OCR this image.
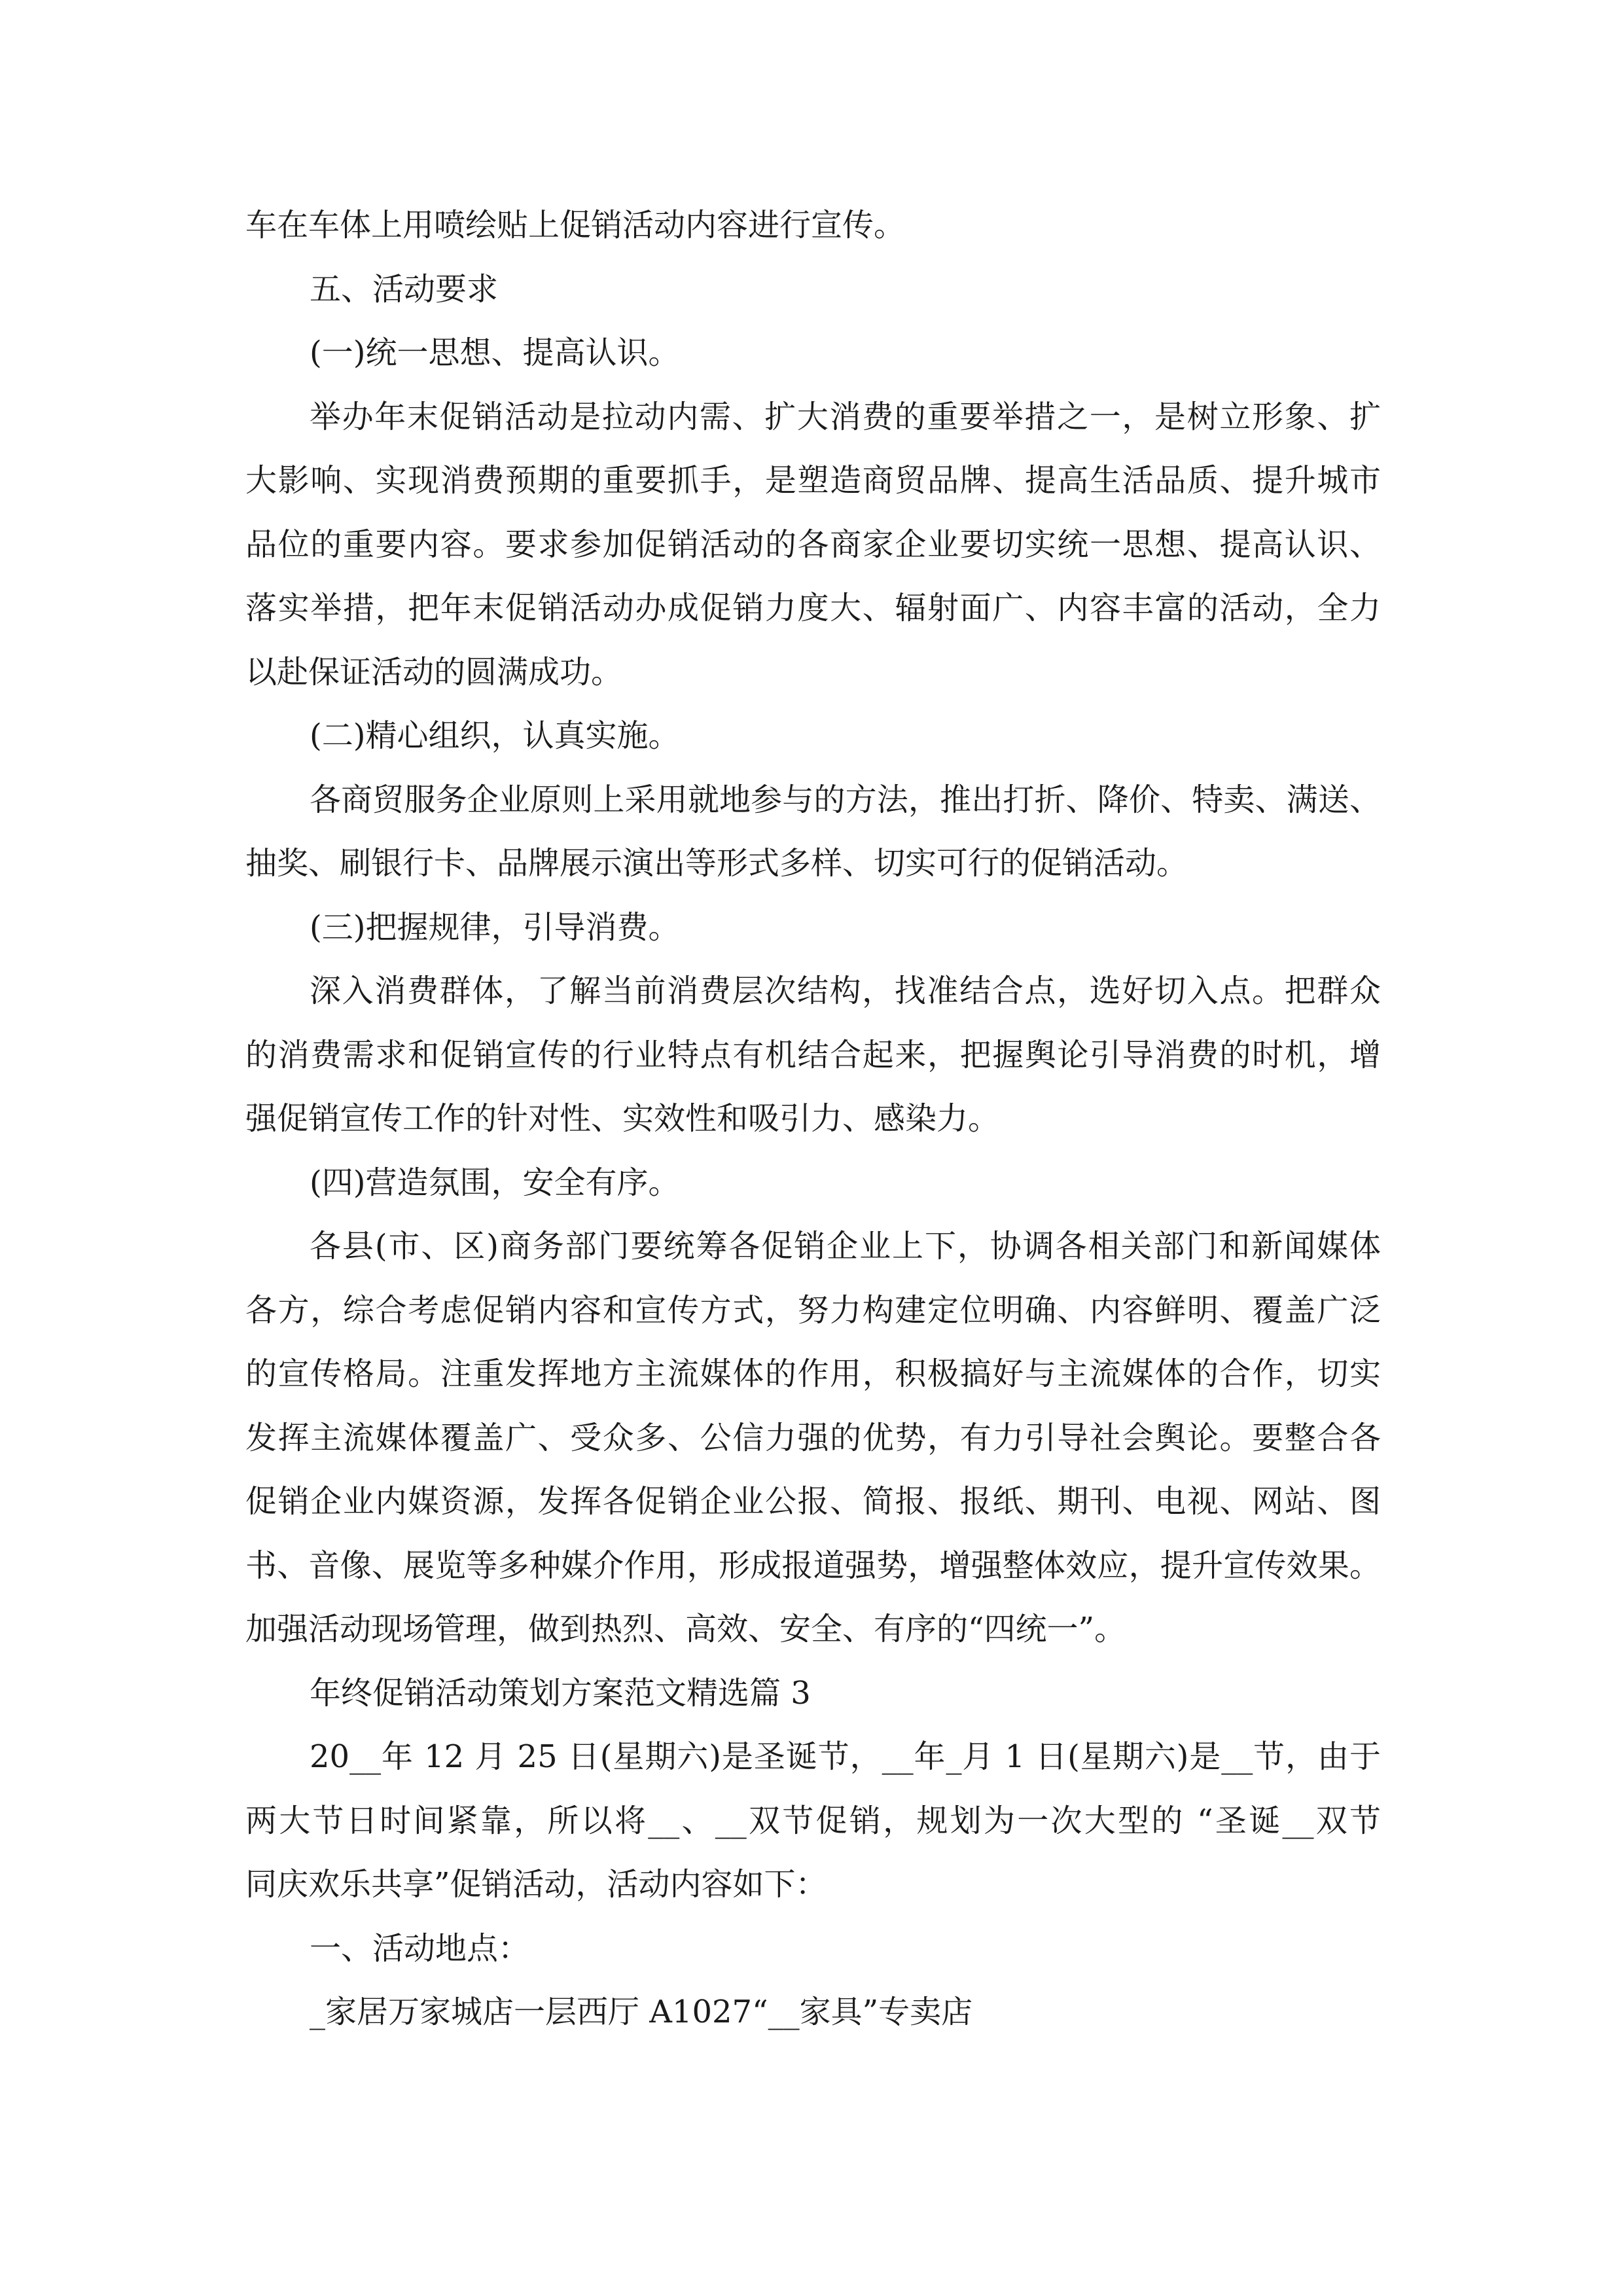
车在车体上用喷绘贴上促销活动内容进行宣传。

五、活动要求

(一)统一思想、提高认识。

举办年末促销活动是拉动内需、扩大消费的重要举措之一，是树立形象、扩

大影响、实现消费预期的重要抓手，是塑造商贸品牌、提高生活品质、提升城市

品位的重要内容。要求参加促销活动的各商家企业要切实统一思想、提高认识、

落实举措，把年末促销活动办成促销力度大、辐射面广、内容丰富的活动，全力

以赴保证活动的圆满成功。

(二)精心组织，认真实施。

各商贸服务企业原则上采用就地参与的方法，推出打折、降价、特卖、满送、

抽奖、刷银行卡、品牌展示演出等形式多样、切实可行的促销活动。

(三)把握规律，引导消费。

深入消费群体，了解当前消费层次结构，找准结合点，选好切入点。把群众

的消费需求和促销宣传的行业特点有机结合起来，把握舆论引导消费的时机，增

强促销宣传工作的针对性、实效性和吸引力、感染力。

(四)营造氛围，安全有序。

各县(市、区)商务部门要统筹各促销企业上下，协调各相关部门和新闻媒体

各方，综合考虑促销内容和宣传方式，努力构建定位明确、内容鲜明、覆盖广泛

的宣传格局。注重发挥地方主流媒体的作用，积极搞好与主流媒体的合作，切实

发挥主流媒体覆盖广、受众多、公信力强的优势，有力引导社会舆论。要整合各

促销企业内媒资源，发挥各促销企业公报、简报、报纸、期刊、电视、网站、图

书、音像、展览等多种媒介作用，形成报道强势，增强整体效应，提升宣传效果。

加强活动现场管理，做到热烈、高效、安全、有序的“四统一”。

年终促销活动策划方案范文精选篇 3

20__年 12 月 25 日(星期六)是圣诞节，__年_月 1 日(星期六)是__节，由于

两大节日时间紧靠，所以将__、__双节促销，规划为一次大型的 “圣诞__双节

同庆欢乐共享”促销活动，活动内容如下：

一、活动地点：

_家居万家城店一层西厅 A1027“__家具”专卖店
